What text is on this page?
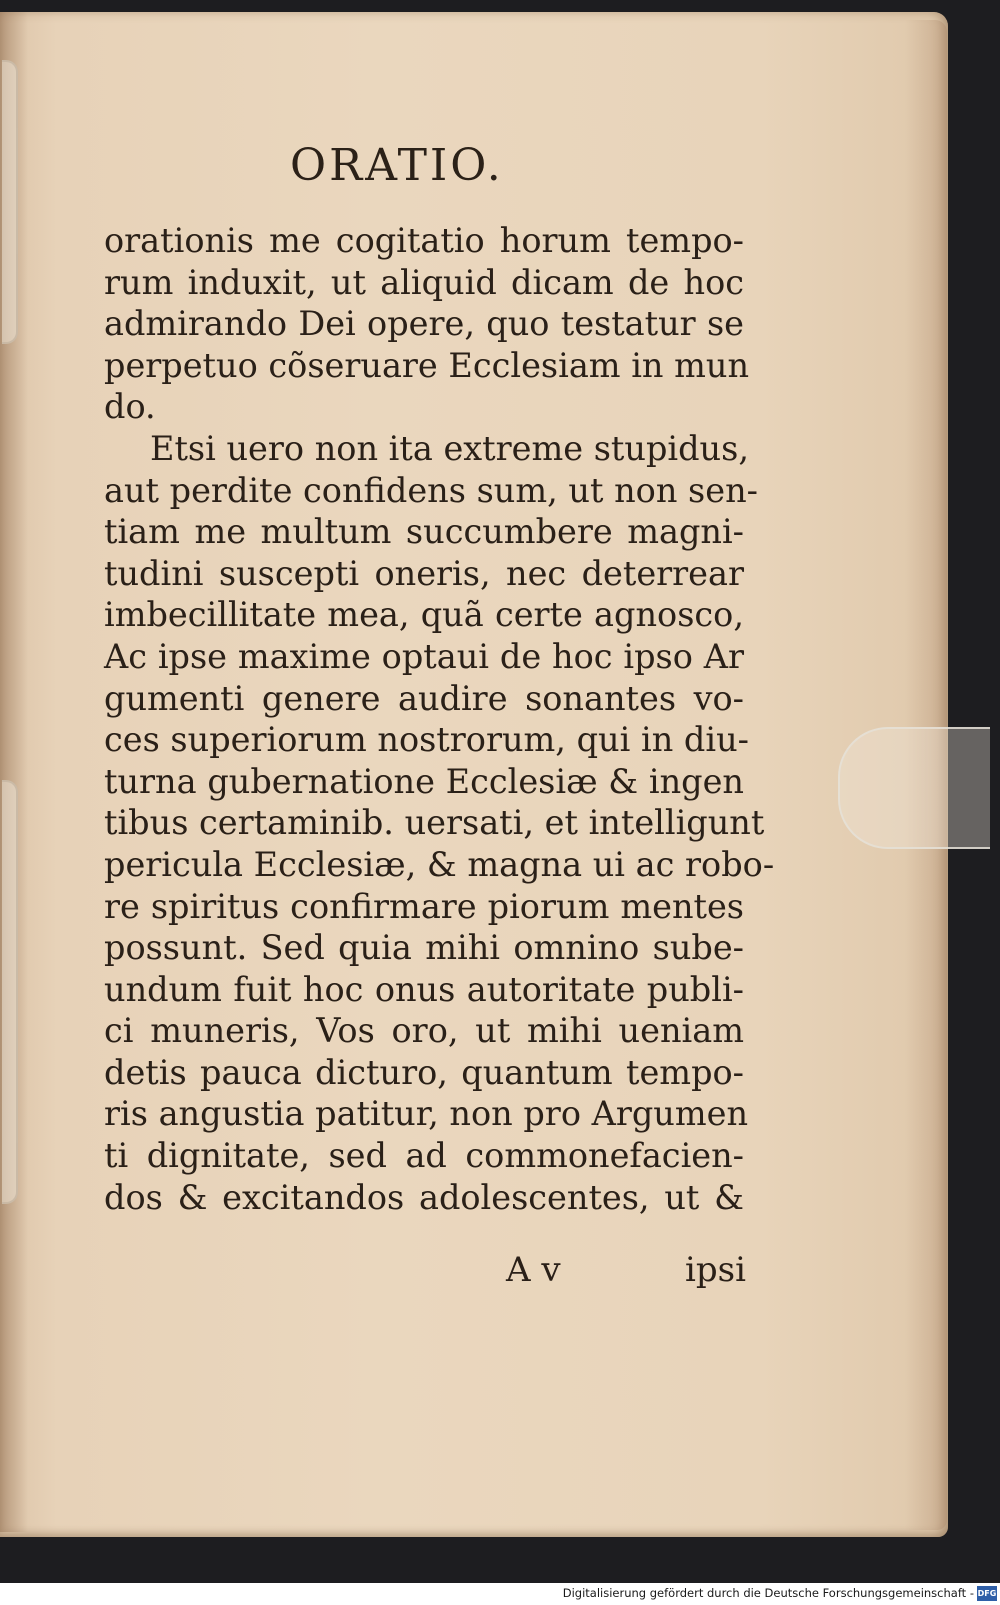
ORATIO.
orationis me cogitatio horum tempo-
rum induxit, ut aliquid dicam de hoc
admirando Dei opere, quo testatur se
perpetuo cõseruare Ecclesiam in mun
do.
Etsi uero non ita extreme stupidus,
aut perdite confidens sum, ut non sen-
tiam me multum succumbere magni-
tudini suscepti oneris, nec deterrear
imbecillitate mea, quã certe agnosco,
Ac ipse maxime optaui de hoc ipso Ar
gumenti genere audire sonantes vo-
ces superiorum nostrorum, qui in diu-
turna gubernatione Ecclesiæ & ingen
tibus certaminib. uersati, et intelligunt
pericula Ecclesiæ, & magna ui ac robo-
re spiritus confirmare piorum mentes
possunt. Sed quia mihi omnino sube-
undum fuit hoc onus autoritate publi-
ci muneris, Vos oro, ut mihi ueniam
detis pauca dicturo, quantum tempo-
ris angustia patitur, non pro Argumen
ti dignitate, sed ad commonefacien-
dos & excitandos adolescentes, ut &
A v	ipsi
Digitalisierung gefördert durch die Deutsche Forschungsgemeinschaft - DFG
